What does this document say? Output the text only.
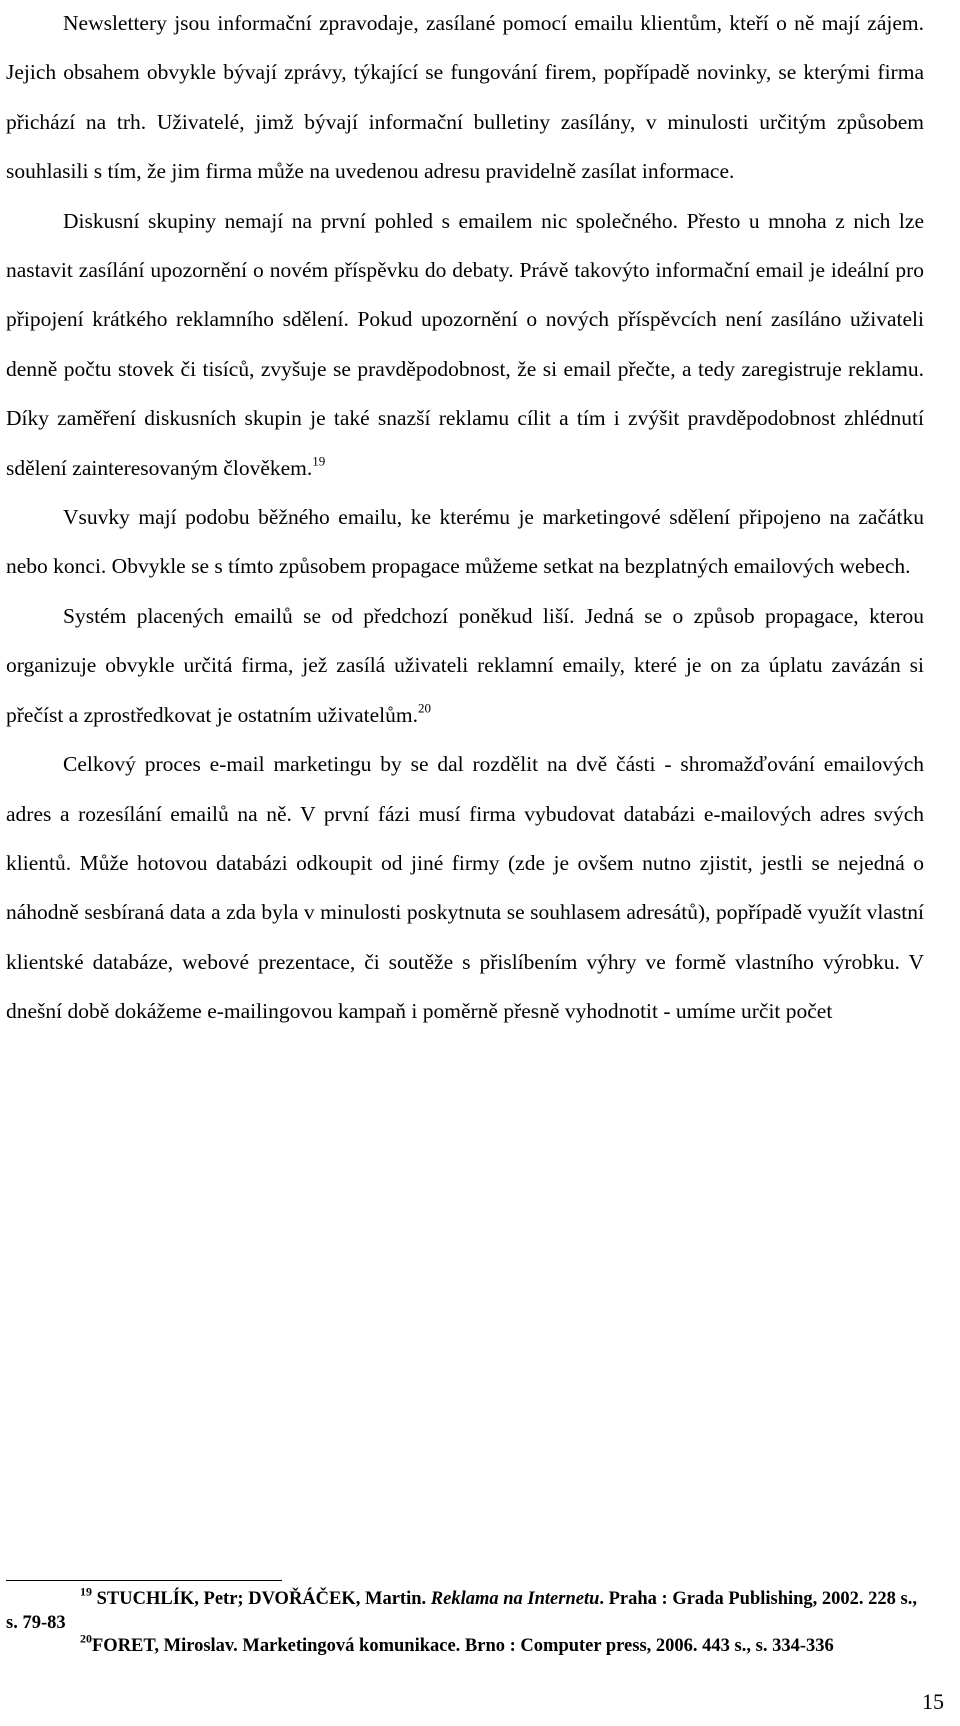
Newslettery jsou informační zpravodaje, zasílané pomocí emailu klientům, kteří o ně mají zájem. Jejich obsahem obvykle bývají zprávy, týkající se fungování firem, popřípadě novinky, se kterými firma přichází na trh. Uživatelé, jimž bývají informační bulletiny zasílány, v minulosti určitým způsobem souhlasili s tím, že jim firma může na uvedenou adresu pravidelně zasílat informace.

Diskusní skupiny nemají na první pohled s emailem nic společného. Přesto u mnoha z nich lze nastavit zasílání upozornění o novém příspěvku do debaty. Právě takovýto informační email je ideální pro připojení krátkého reklamního sdělení. Pokud upozornění o nových příspěvcích není zasíláno uživateli denně počtu stovek či tisíců, zvyšuje se pravděpodobnost, že si email přečte, a tedy zaregistruje reklamu. Díky zaměření diskusních skupin je také snazší reklamu cílit a tím i zvýšit pravděpodobnost zhlédnutí sdělení zainteresovaným člověkem.$^{19}$

Vsuvky mají podobu běžného emailu, ke kterému je marketingové sdělení připojeno na začátku nebo konci. Obvykle se s tímto způsobem propagace můžeme setkat na bezplatných emailových webech.

Systém placených emailů se od předchozí poněkud liší. Jedná se o způsob propagace, kterou organizuje obvykle určitá firma, jež zasílá uživateli reklamní emaily, které je on za úplatu zavázán si přečíst a zprostředkovat je ostatním uživatelům.$^{20}$

Celkový proces e-mail marketingu by se dal rozdělit na dvě části - shromažďování emailových adres a rozesílání emailů na ně. V první fázi musí firma vybudovat databázi e-mailových adres svých klientů. Může hotovou databázi odkoupit od jiné firmy (zde je ovšem nutno zjistit, jestli se nejedná o náhodně sesbíraná data a zda byla v minulosti poskytnuta se souhlasem adresátů), popřípadě využít vlastní klientské databáze, webové prezentace, či soutěže s přislíbením výhry ve formě vlastního výrobku. V dnešní době dokážeme e-mailingovou kampaň i poměrně přesně vyhodnotit - umíme určit počet

$^{19}$ STUCHLÍK, Petr; DVOŘÁČEK, Martin. Reklama na Internetu. Praha : Grada Publishing, 2002. 228 s., s. 79-83

$^{20}$FORET, Miroslav. Marketingová komunikace. Brno : Computer press, 2006. 443 s., s. 334-336

15
